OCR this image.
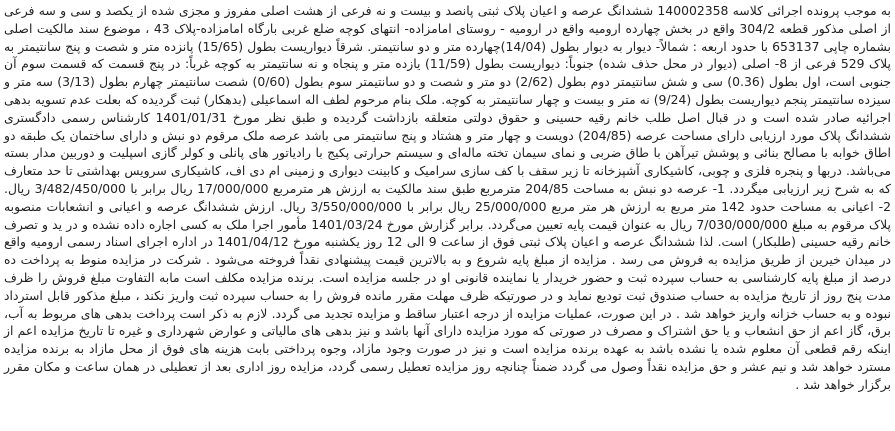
به موجب پرونده اجرائی کلاسه 140002358 ششدانگ عرصه و اعیان پلاک ثبتی پانصد و بیست و نه فرعی از هشت اصلی مفروز و مجزی شده از یکصد و سی و سه فرعی از اصلی مذکور قطعه 304/2 واقع در بخش چهارده ارومیه واقع در ارومیه - روستای امامزاده- انتهای کوچه ضلع غربی بارگاه امامزاده-پلاک 43 ، موضوع سند مالکیت اصلی بشماره چاپی 653137 با حدود اربعه : شمالاً- دیوار به دیوار بطول (14/04)چهارده متر و دو سانتیمتر. شرقاً دیواریست بطول (15/65) پانزده متر و شصت و پنج سانتیمتر به پلاک 529 فرعی از 8- اصلی (دیوار در محل حذف شده) جنوباً: دیواریست بطول (11/59) یازده متر و پنجاه و نه سانتیمتر به کوچه غرباً: در پنج قسمت که قسمت سوم آن جنوبی است، اول بطول (0.36) سی و شش سانتیمتر دوم بطول (2/62) دو متر و شصت و دو سانتیمتر سوم بطول (0/60) شصت سانتیمتر چهارم بطول (3/13) سه متر و سیزده سانتیمتر پنجم دیواریست بطول (9/24) نه متر و بیست و چهار سانتیمتر به کوچه. ملک بنام مرحوم لطف اله اسماعیلی (بدهکار) ثبت گردیده که بعلت عدم تسویه بدهی اجرائیه صادر شده است و در قبال اصل طلب خانم رقیه حسینی و حقوق دولتی متعلقه بازداشت گردیده و طبق نظر مورخ 1401/01/31 کارشناس رسمی دادگستری ششدانگ پلاک مورد ارزیابی دارای مساحت عرصه (204/85) دویست و چهار متر و هشتاد و پنج سانتیمتر می باشد عرصه ملک مرقوم دو نبش و دارای ساختمان یک طبقه دو اطاق خوابه با مصالح بنائی و پوشش تیرآهن با طاق ضربی و نمای سیمان تخته ماله‌ای و سیستم حرارتی پکیج با رادیاتور های پانلی و کولر گازی اسپلیت و دوربین مدار بسته می‌باشد. دربها و پنجره فلزی و چوبی، کاشیکاری آشپزخانه تا زیر سقف با کف سازی سرامیک و کابینت دیواری و زمینی ام دی اف، کاشیکاری سرویس بهداشتی تا حد متعارف که به شرح زیر ارزیابی میگردد. 1- عرصه دو نبش به مساحت 204/85 مترمربع طبق سند مالکیت به ارزش هر مترمربع 17/000/000 ریال برابر با 3/482/450/000 ریال. 2- اعیانی به مساحت حدود 142 متر مربع به ارزش هر متر مربع 25/000/000 ریال برابر با 3/550/000/000 ریال. ارزش ششدانگ عرصه و اعیانی و انشعابات منصوبه پلاک مرقوم به مبلغ 7/030/000/000 ریال به عنوان قیمت پایه تعیین می‌گردد. برابر گزارش مورخ 1401/03/24 مأمور اجرا ملک به کسی اجاره داده نشده و در ید و تصرف خانم رقیه حسینی (طلبکار) است. لذا ششدانگ عرصه و اعیان پلاک ثبتی فوق از ساعت 9 الی 12 روز یکشنبه مورخ 1401/04/12 در اداره اجرای اسناد رسمی ارومیه واقع در میدان خیرین از طریق مزایده به فروش می رسد . مزایده از مبلغ پایه شروع و به بالاترین قیمت پیشنهادی نقداً فروخته می‌شود . شرکت در مزایده منوط به پرداخت ده درصد از مبلغ پایه کارشناسی به حساب سپرده ثبت و حضور خریدار یا نماینده قانونی او در جلسه مزایده است. برنده مزایده مکلف است مابه التفاوت مبلغ فروش را ظرف مدت پنج روز از تاریخ مزایده به حساب صندوق ثبت تودیع نماید و در صورتیکه ظرف مهلت مقرر مانده فروش را به حساب سپرده ثبت واریز نکند ، مبلغ مذکور قابل استرداد نبوده و به حساب خزانه واریز خواهد شد . در این صورت، عملیات مزایده از درجه اعتبار ساقط و مزایده تجدید می گردد. لازم به ذکر است پرداخت بدهی های مربوط به آب، برق، گاز اعم از حق انشعاب و یا حق اشتراک و مصرف در صورتی که مورد مزایده دارای آنها باشد و نیز بدهی های مالیاتی و عوارض شهرداری و غیره تا تاریخ مزایده اعم از اینکه رقم قطعی آن معلوم شده یا نشده باشد به عهده برنده مزایده است و نیز در صورت وجود مازاد، وجوه پرداختی بابت هزینه های فوق از محل مازاد به برنده مزایده مسترد خواهد شد و نیم عشر و حق مزایده نقداً وصول می گردد ضمناً چنانچه روز مزایده تعطیل رسمی گردد، مزایده روز اداری بعد از تعطیلی در همان ساعت و مکان مقرر برگزار خواهد شد .
